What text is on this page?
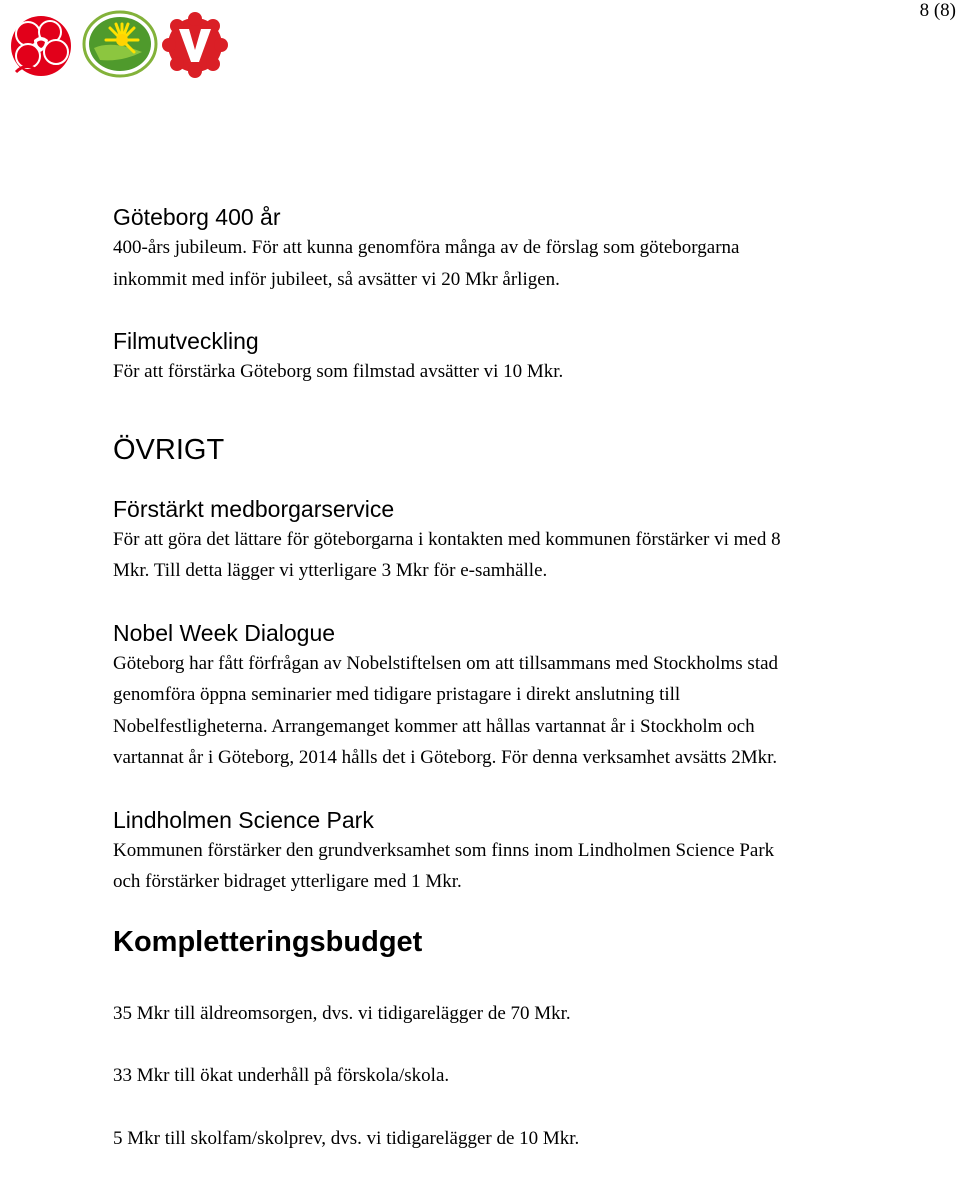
8 (8)
Göteborg 400 år

400-års jubileum. För att kunna genomföra många av de förslag som göteborgarna

inkommit med inför jubileet, så avsätter vi 20 Mkr årligen.

Filmutveckling

För att förstärka Göteborg som filmstad avsätter vi 10 Mkr.

ÖVRIGT
Förstärkt medborgarservice

För att göra det lättare för göteborgarna i kontakten med kommunen förstärker vi med 8

Mkr. Till detta lägger vi ytterligare 3 Mkr för e-samhälle.

Nobel Week Dialogue

Göteborg har fått förfrågan av Nobelstiftelsen om att tillsammans med Stockholms stad

genomföra öppna seminarier med tidigare pristagare i direkt anslutning till

Nobelfestligheterna. Arrangemanget kommer att hållas vartannat år i Stockholm och

vartannat år i Göteborg, 2014 hålls det i Göteborg. För denna verksamhet avsätts 2Mkr.

Lindholmen Science Park

Kommunen förstärker den grundverksamhet som finns inom Lindholmen Science Park

och förstärker bidraget ytterligare med 1 Mkr.

Kompletteringsbudget

35 Mkr till äldreomsorgen, dvs. vi tidigarelägger de 70 Mkr.

33 Mkr till ökat underhåll på förskola/skola.

5 Mkr till skolfam/skolprev, dvs. vi tidigarelägger de 10 Mkr.
